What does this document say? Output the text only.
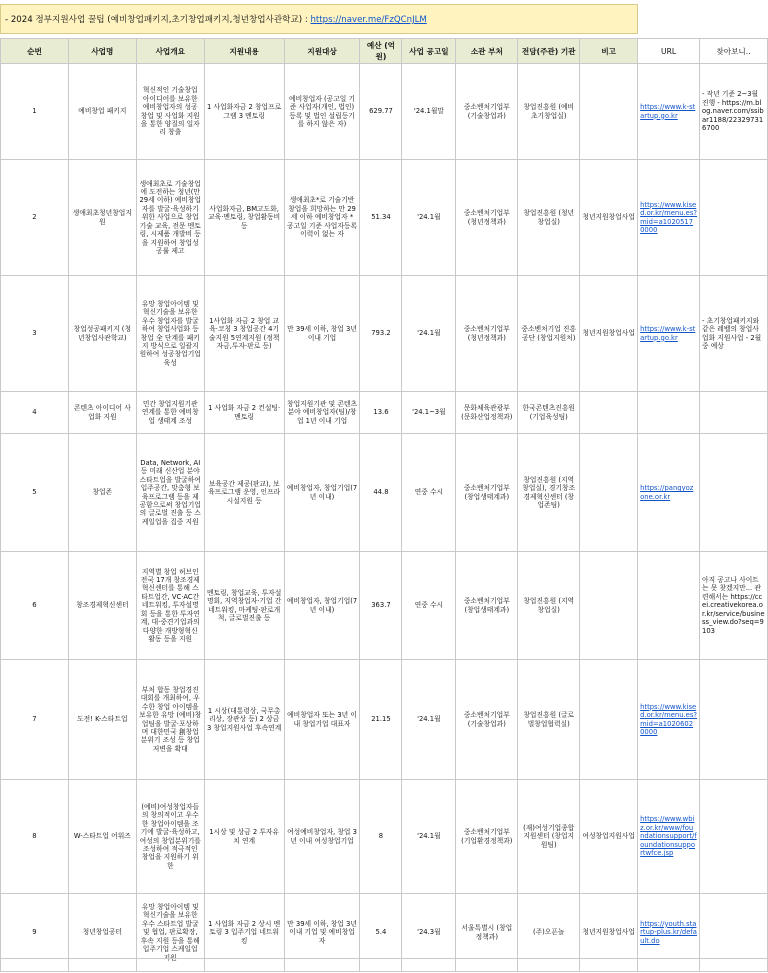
- 2024 정부지원사업 꿀팁 (예비창업패키지,초기창업패키지,청년창업사관학교) : https://naver.me/FzQCnJLM
순번	사업명	사업개요	지원내용	지원대상	예산 (억원)	사업 공고일	소관 부처	전담(주관) 기관	비고	URL	찾아보니..
1	예비창업 패키지	혁신적인 기술창업 아이디어를 보유한 예비창업자의 성공 창업 및 사업화 지원을 통한 양질의 일자리 창출	1 사업화자금 2 창업프로그램 3 멘토링	예비창업자 (공고일 기준 사업자(개인, 법인) 등록 및 법인 설립등기를 하지 않은 자)	629.77	'24.1월말	중소벤처기업부 (기술창업과)	창업진흥원 (예비초기창업실)		https://www.k-startup.go.kr	- 작년 기준 2~3월 진행 - https://m.blog.naver.com/ssibar1188/223297316700
2	생애최초청년창업지원	생애최초로 기술창업에 도전하는 청년(만 29세 이하) 예비창업자를 발굴·육성하기 위한 사업으로 창업 기술 교육, 전문 멘토링, 시제품 개발비 등을 지원하여 창업성공률 제고	사업화자금, BM고도화, 교육·멘토링, 창업활동비 등	생애최초*로 기술기반 창업을 희망하는 만 29세 이하 예비창업자 * 공고일 기준 사업자등록 이력이 없는 자	51.34	'24.1월	중소벤처기업부 (청년정책과)	창업진흥원 (청년창업실)	청년지원창업사업	https://www.kised.or.kr/menu.es?mid=a10205170000	
3	창업성공패키지 (청년창업사관학교)	유망 창업아이템 및 혁신기술을 보유한 우수 창업자를 발굴하여 창업사업화 등 창업 全 단계를 패키지 방식으로 일괄지원하여 성공창업기업 육성	1사업화 자금 2 창업 교육·코칭 3 창업공간 4기술지원 5연계지원 (정책자금,투자·판로 등)	만 39세 이하, 창업 3년 이내 기업	793.2	'24.1월	중소벤처기업부 (청년정책과)	중소벤처기업 진흥공단 (창업지원처)	청년지원창업사업	https://www.k-startup.go.kr	- 초기창업패키지와 같은 레벨의 창업사업화 지원사업 - 2월 중 예상
4	콘텐츠 아이디어 사업화 지원	민간 창업지원기관 연계를 통한 예비창업 생태계 조성	1 사업화 자금 2 컨설팅·멘토링	창업지원기관 및 콘텐츠 분야 예비창업자(팀)/창업 1년 이내 기업	13.6	'24.1~3월	문화체육관광부 (문화산업정책과)	한국콘텐츠진흥원 (기업육성팀)			
5	창업존	Data, Network, AI 등 미래 신산업 분야 스타트업을 발굴하여 입주공간, 맞춤형 보육프로그램 등을 제공함으로써 창업기업의 글로벌 진출 등 스케일업을 집중 지원	보육공간 제공(판교), 보육프로그램 운영, 인프라 시설지원 등	예비창업자, 창업기업(7년 이내)	44.8	연중 수시	중소벤처기업부 (창업생태계과)	창업진흥원 (지역창업실), 경기창조경제혁신센터 (창업존팀)		https://pangyozone.or.kr	
6	창조경제혁신센터	지역별 창업 허브인 전국 17개 창조경제혁신센터를 통해 스타트업간, VC·AC간 네트워킹, 투자설명회 등을 통한 투자연계, 대·중견기업과의 다양한 개방형혁신 활동 등을 지원	멘토링, 창업교육, 투자설명회, 지역창업자·기업 간 네트워킹, 마케팅·판로개척, 글로벌진출 등	예비창업자, 창업기업(7년 이내)	363.7	연중 수시	중소벤처기업부 (창업생태계과)	창업진흥원 (지역창업실)			아직 공고나 사이트는 못 찾겠지만... 관련해서는 https://ccei.creativekorea.or.kr/service/business_view.do?seq=9103
7	도전! K-스타트업	부처 합동 창업경진대회를 개최하여, 우수한 창업 아이템을 보유한 유망 (예비)창업팀을 발굴·포상하며 대한민국 創창업 분위기 조성 등 창업저변을 확대	1 시상(대통령상, 국무총리상, 장관상 등) 2 상금 3 창업지원사업 후속연계	예비창업자 또는 3년 이내 창업기업 대표자	21.15	'24.1월	중소벤처기업부 (기술창업과)	창업진흥원 (글로벌창업협력실)		https://www.kised.or.kr/menu.es?mid=a10206020000	
8	W-스타트업 어워즈	(예비)여성창업자들의 창의적이고 우수한 창업아이템을 조기에 발굴·육성하고, 여성의 창업분위기를 조성하여 적극적인 창업을 지원하기 위한	1시상 및 상금 2 투자유치 연계	여성예비창업자, 창업 3년 이내 여성창업기업	8	'24.1월	중소벤처기업부 (기업환경정책과)	(재)여성기업종합지원센터 (창업지원팀)	여성창업지원사업	https://www.wbiz.or.kr/www/foundationsupport/foundationsupportwfce.jsp	
9	청년창업공터	유망 창업아이템 및 혁신기술을 보유한 우수 스타트업 발굴 및 협업, 판로확장, 후속 지원 등을 통해 입주기업 스케일업 지원	1 사업화 자금 2 상시 멘토링 3 입주기업 네트워킹	만 39세 이하, 창업 3년 이내 기업 및 예비창업자	5.4	'24.3월	서울특별시 (창업정책과)	(주)오픈놀	청년지원창업사업	https://youth.startup-plus.kr/default.do	
